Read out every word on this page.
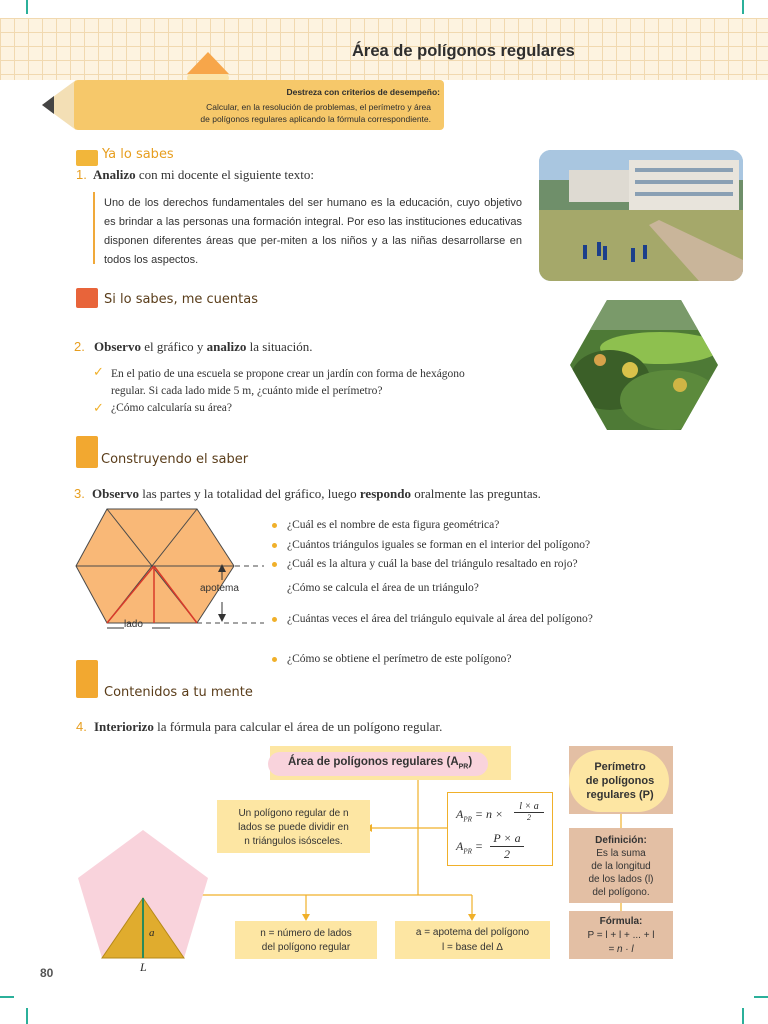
Área de polígonos regulares
Destreza con criterios de desempeño:
Calcular, en la resolución de problemas, el perímetro y área
de polígonos regulares aplicando la fórmula correspondiente.
Ya lo sabes
1. Analizo con mi docente el siguiente texto:
Uno de los derechos fundamentales del ser humano es la educación, cuyo objetivo es brindar a las personas una formación integral. Por eso las instituciones educativas disponen diferentes áreas que per-miten a los niños y a las niñas desarrollarse en todos los aspectos.
Si lo sabes, me cuentas
2. Observo el gráfico y analizo la situación.
✓ En el patio de una escuela se propone crear un jardín con forma de hexágono
regular. Si cada lado mide 5 m, ¿cuánto mide el perímetro?
✓ ¿Cómo calcularía su área?
Construyendo el saber
3. Observo las partes y la totalidad del gráfico, luego respondo oralmente las preguntas.
apotema
lado
¿Cuál es el nombre de esta figura geométrica?
¿Cuántos triángulos iguales se forman en el interior del polígono?
¿Cuál es la altura y cuál la base del triángulo resaltado en rojo?
¿Cómo se calcula el área de un triángulo?
¿Cuántas veces el área del triángulo equivale al área del polígono?
¿Cómo se obtiene el perímetro de este polígono?
Contenidos a tu mente
4. Interiorizo la fórmula para calcular el área de un polígono regular.
Área de polígonos regulares $(A_{PR})$
Un polígono regular de n
lados se puede dividir en
n triángulos isósceles.
$A_{PR} = n$ ×
l × a
2
$A_{PR} = \frac{P \times a}{2}$
a
L
n = número de lados
del polígono regular
a = apotema del polígono
l = base del Δ
Perímetro
de polígonos
regulares (P)
Definición:
Es la suma
de la longitud
de los lados (l)
del polígono.
Fórmula:
P = l + l + ... + l
= n · l
80
